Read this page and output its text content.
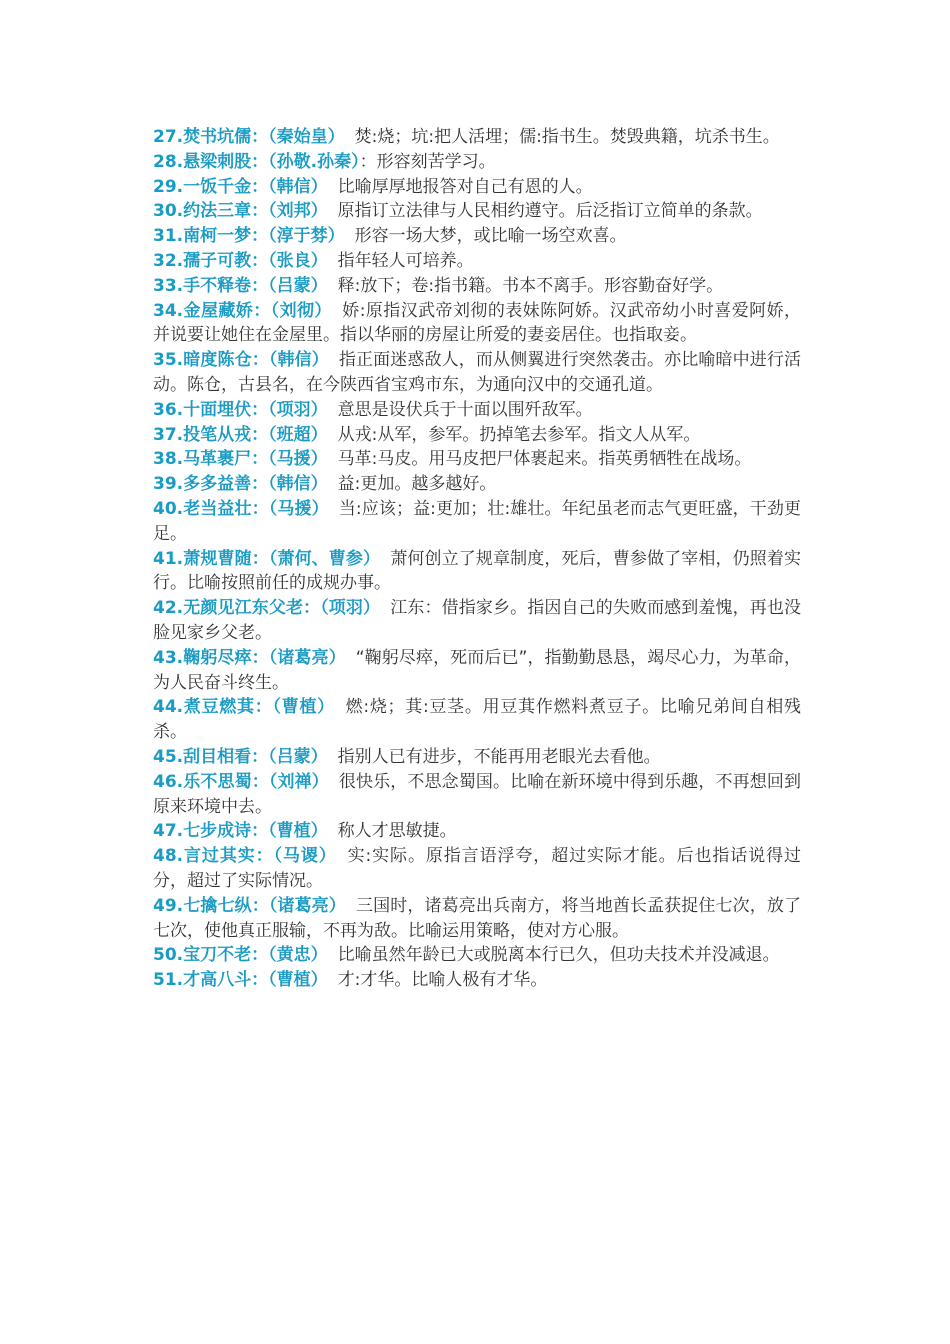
27.焚书坑儒：（秦始皇） 焚:烧；坑:把人活埋；儒:指书生。焚毁典籍，坑杀书生。

28.悬梁刺股：（孙敬.孙秦）：形容刻苦学习。

29.一饭千金：（韩信） 比喻厚厚地报答对自己有恩的人。

30.约法三章：（刘邦） 原指订立法律与人民相约遵守。后泛指订立简单的条款。

31.南柯一梦：（淳于棼） 形容一场大梦，或比喻一场空欢喜。

32.孺子可教：（张良） 指年轻人可培养。

33.手不释卷：（吕蒙） 释:放下；卷:指书籍。书本不离手。形容勤奋好学。

34.金屋藏娇：（刘彻） 娇:原指汉武帝刘彻的表妹陈阿娇。汉武帝幼小时喜爱阿娇，并说要让她住在金屋里。指以华丽的房屋让所爱的妻妾居住。也指取妾。

35.暗度陈仓：（韩信） 指正面迷惑敌人，而从侧翼进行突然袭击。亦比喻暗中进行活动。陈仓，古县名，在今陕西省宝鸡市东，为通向汉中的交通孔道。

36.十面埋伏：（项羽） 意思是设伏兵于十面以围歼敌军。

37.投笔从戎：（班超） 从戎:从军，参军。扔掉笔去参军。指文人从军。

38.马革裹尸：（马援） 马革:马皮。用马皮把尸体裹起来。指英勇牺牲在战场。

39.多多益善：（韩信） 益:更加。越多越好。

40.老当益壮：（马援） 当:应该；益:更加；壮:雄壮。年纪虽老而志气更旺盛，干劲更足。

41.萧规曹随：（萧何、曹参） 萧何创立了规章制度，死后，曹参做了宰相，仍照着实行。比喻按照前任的成规办事。

42.无颜见江东父老：（项羽） 江东：借指家乡。指因自己的失败而感到羞愧，再也没脸见家乡父老。

43.鞠躬尽瘁：（诸葛亮） “鞠躬尽瘁，死而后已”，指勤勤恳恳，竭尽心力，为革命，为人民奋斗终生。

44.煮豆燃萁：（曹植） 燃:烧；萁:豆茎。用豆萁作燃料煮豆子。比喻兄弟间自相残杀。

45.刮目相看：（吕蒙） 指别人已有进步，不能再用老眼光去看他。

46.乐不思蜀：（刘禅） 很快乐，不思念蜀国。比喻在新环境中得到乐趣，不再想回到原来环境中去。

47.七步成诗：（曹植） 称人才思敏捷。

48.言过其实：（马谡） 实:实际。原指言语浮夸，超过实际才能。后也指话说得过分，超过了实际情况。

49.七擒七纵：（诸葛亮） 三国时，诸葛亮出兵南方，将当地酋长孟获捉住七次，放了七次，使他真正服输，不再为敌。比喻运用策略，使对方心服。

50.宝刀不老：（黄忠） 比喻虽然年龄已大或脱离本行已久，但功夫技术并没减退。

51.才高八斗：（曹植） 才:才华。比喻人极有才华。
